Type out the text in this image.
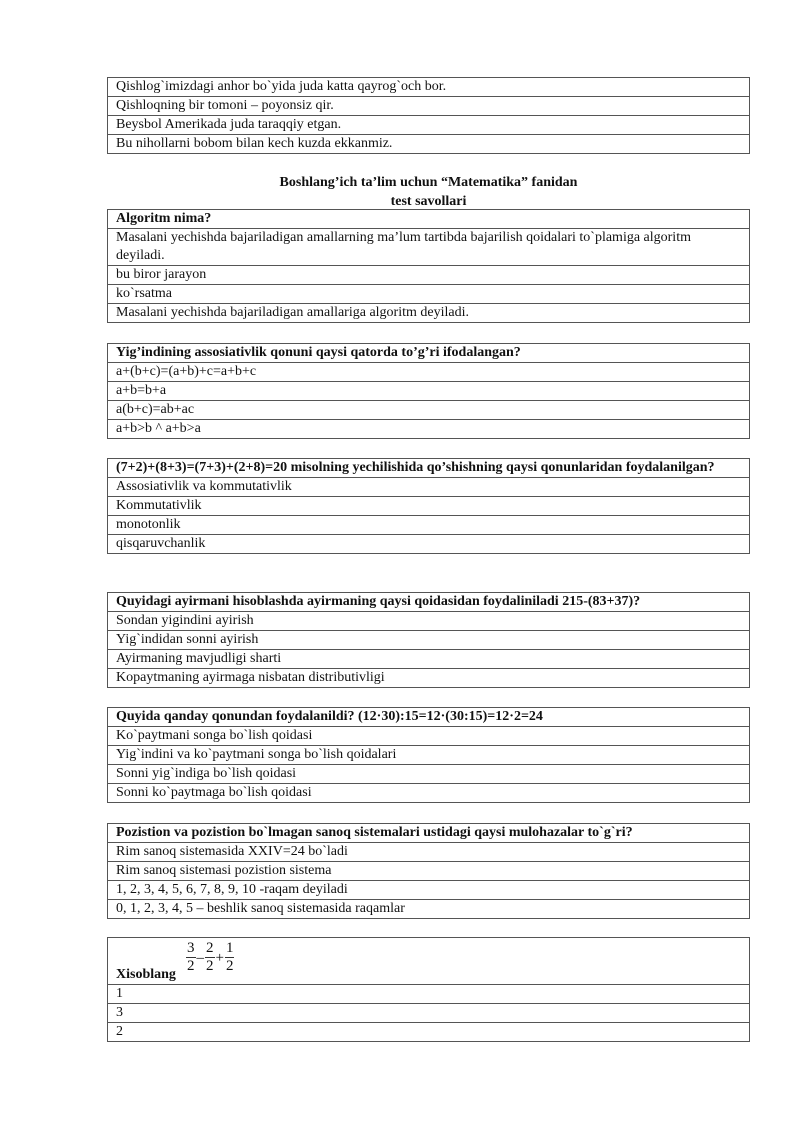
Qishlog`imizdagi anhor bo`yida juda katta qayrog`och bor.
Qishloqning bir tomoni – poyonsiz qir.
Beysbol Amerikada juda taraqqiy etgan.
Bu nihollarni bobom bilan kech kuzda ekkanmiz.
Boshlang’ich ta’lim uchun “Matematika” fanidan
test savollari
Algoritm nima?
Masalani yechishda bajariladigan amallarning ma’lum tartibda bajarilish qoidalari to`plamiga algoritm deyiladi.
bu biror jarayon
ko`rsatma
Masalani yechishda bajariladigan amallariga algoritm deyiladi.
Yig’indining assosiativlik qonuni qaysi qatorda to’g’ri ifodalangan?
a+(b+c)=(a+b)+c=a+b+c
a+b=b+a
a(b+c)=ab+ac
a+b>b ^ a+b>a
(7+2)+(8+3)=(7+3)+(2+8)=20 misolning yechilishida qo’shishning qaysi qonunlaridan foydalanilgan?
Assosiativlik va kommutativlik
Kommutativlik
monotonlik
qisqaruvchanlik
Quyidagi ayirmani hisoblashda ayirmaning qaysi qoidasidan foydaliniladi 215-(83+37)?
Sondan yigindini ayirish
Yig`indidan sonni ayirish
Ayirmaning mavjudligi sharti
Kopaytmaning ayirmaga nisbatan distributivligi
Quyida qanday qonundan foydalanildi? (12·30):15=12·(30:15)=12·2=24
Ko`paytmani songa bo`lish qoidasi
Yig`indini va ko`paytmani songa bo`lish qoidalari
Sonni yig`indiga bo`lish qoidasi
Sonni ko`paytmaga bo`lish qoidasi
Pozistion va pozistion bo`lmagan sanoq sistemalari ustidagi qaysi mulohazalar to`g`ri?
Rim sanoq sistemasida XXIV=24 bo`ladi
Rim sanoq sistemasi pozistion sistema
1, 2, 3, 4, 5, 6, 7, 8, 9, 10 -raqam deyiladi
0, 1, 2, 3, 4, 5 – beshlik sanoq sistemasida raqamlar
Xisoblang $\frac{3}{2} - \frac{2}{2} + \frac{1}{2}$
1
3
2
